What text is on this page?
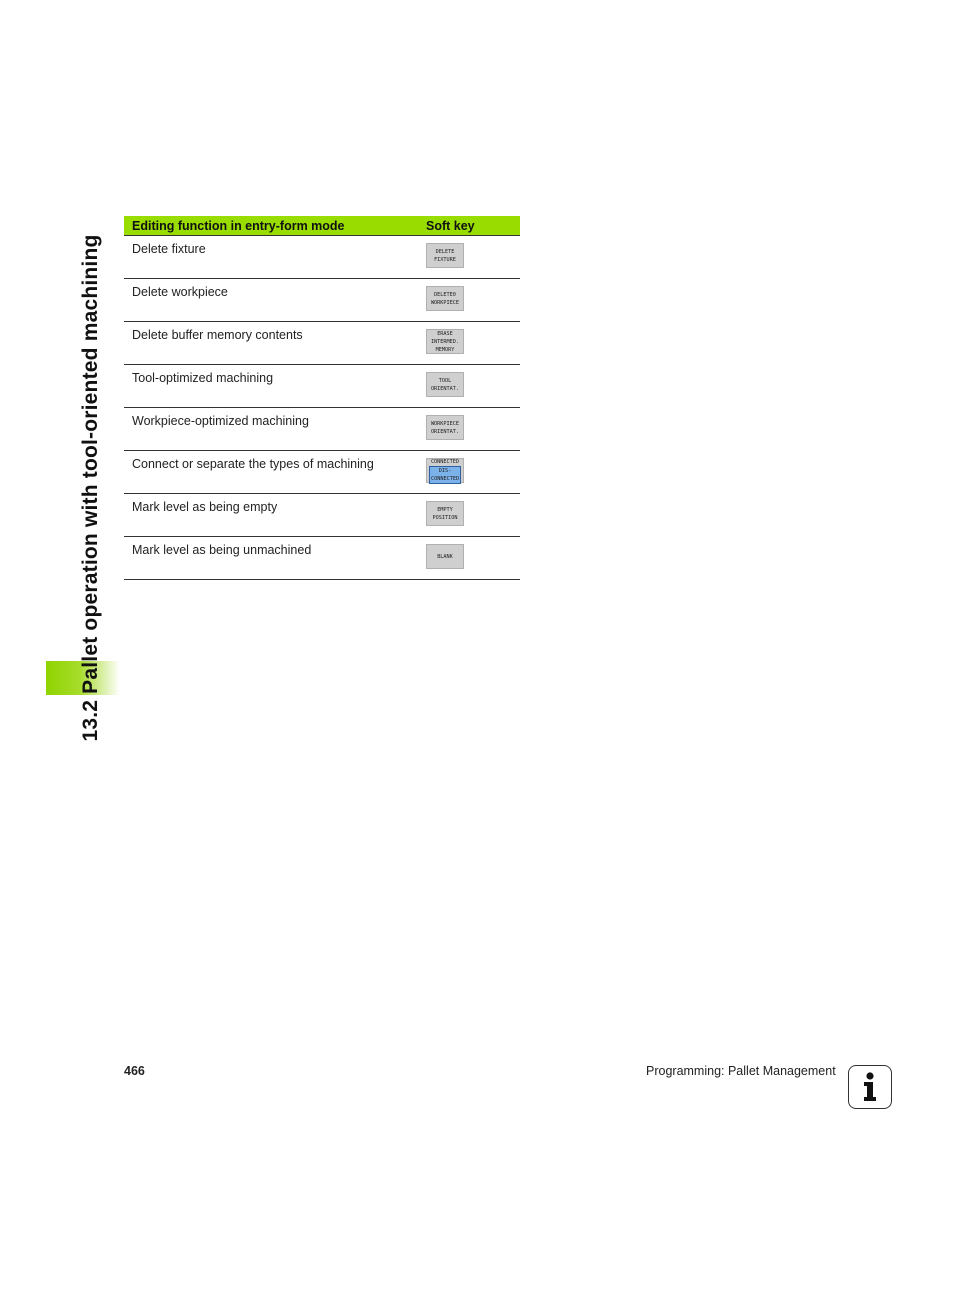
13.2 Pallet operation with tool-oriented machining
Editing function in entry-form mode	Soft key
Delete fixture	DELETE
FIXTURE

Delete workpiece	DELETE0
WORKPIECE

Delete buffer memory contents	ERASE
INTERMED.
MEMORY

Tool-optimized machining	TOOL
ORIENTAT.

Workpiece-optimized machining	WORKPIECE
ORIENTAT.

Connect or separate the types of machining	CONNECTED
DIS-
CONNECTED

Mark level as being empty	EMPTY
POSITION

Mark level as being unmachined	BLANK
466	Programming: Pallet Management
